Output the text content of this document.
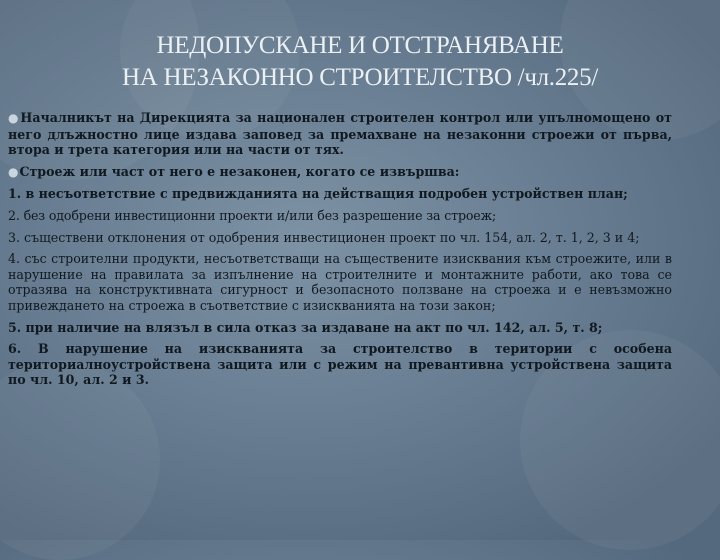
НЕДОПУСКАНЕ И ОТСТРАНЯВАНЕ
НА НЕЗАКОННО СТРОИТЕЛСТВО /чл.225/

●Началникът на Дирекцията за национален строителен контрол или упълномощено от него длъжностно лице издава заповед за премахване на незаконни строежи от първа, втора и трета категория или на части от тях.

●Строеж или част от него е незаконен, когато се извършва:

1. в несъответствие с предвижданията на действащия подробен устройствен план;

2. без одобрени инвестиционни проекти и/или без разрешение за строеж;

3. съществени отклонения от одобрения инвестиционен проект по чл. 154, ал. 2, т. 1, 2, 3 и 4;

4. със строителни продукти, несъответстващи на съществените изисквания към строежите, или в нарушение на правилата за изпълнение на строителните и монтажните работи, ако това се отразява на конструктивната сигурност и безопасното ползване на строежа и е невъзможно привеждането на строежа в съответствие с изискванията на този закон;

5. при наличие на влязъл в сила отказ за издаване на акт по чл. 142, ал. 5, т. 8;

6. В нарушение на изискванията за строителство в територии с особена териториалноустройствена защита или с режим на превантивна устройствена защита по чл. 10, ал. 2 и 3.
